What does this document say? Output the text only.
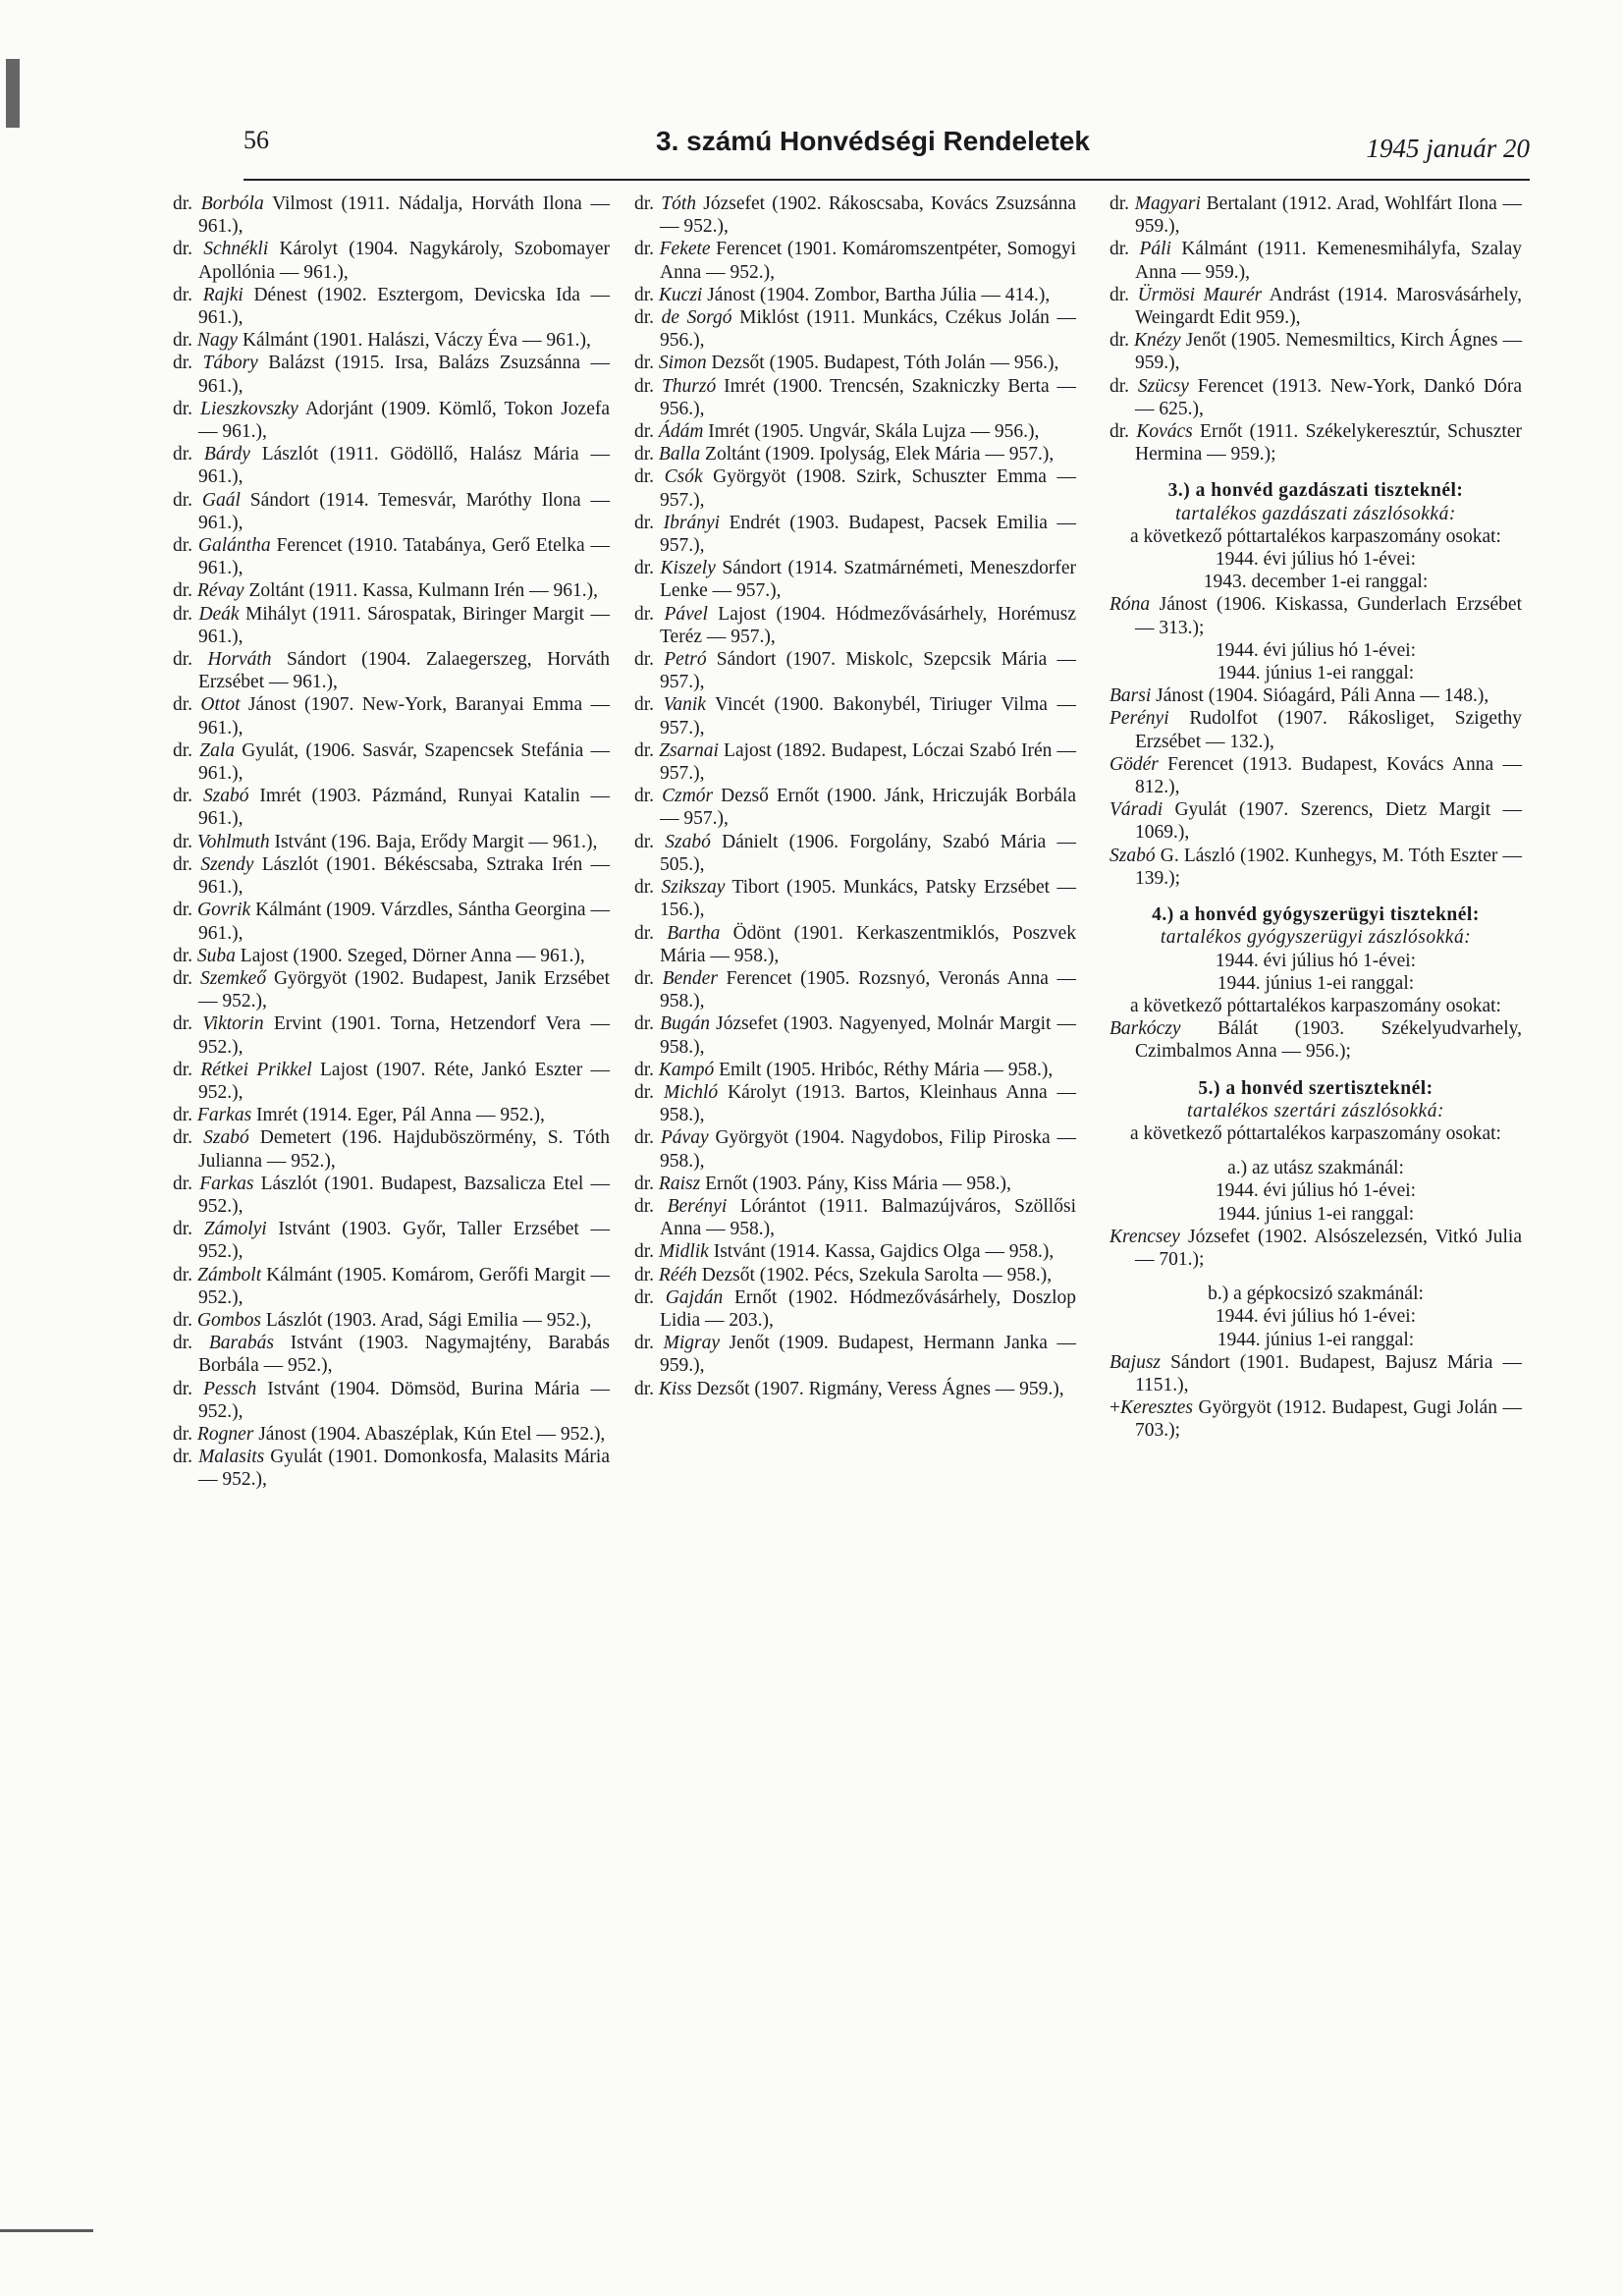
56	3. számú Honvédségi Rendeletek	1945 január 20

dr. Borbóla Vilmost (1911. Nádalja, Horváth Ilona — 961.),

dr. Schnékli Károlyt (1904. Nagykároly, Szobomayer Apollónia — 961.),

dr. Rajki Dénest (1902. Esztergom, Devicska Ida — 961.),

dr. Nagy Kálmánt (1901. Halászi, Váczy Éva — 961.),

dr. Tábory Balázst (1915. Irsa, Balázs Zsuzsánna — 961.),

dr. Lieszkovszky Adorjánt (1909. Kömlő, Tokon Jozefa — 961.),

dr. Bárdy Lászlót (1911. Gödöllő, Halász Mária — 961.),

dr. Gaál Sándort (1914. Temesvár, Maróthy Ilona — 961.),

dr. Galántha Ferencet (1910. Tatabánya, Gerő Etelka — 961.),

dr. Révay Zoltánt (1911. Kassa, Kulmann Irén — 961.),

dr. Deák Mihályt (1911. Sárospatak, Biringer Margit — 961.),

dr. Horváth Sándort (1904. Zalaegerszeg, Horváth Erzsébet — 961.),

dr. Ottot Jánost (1907. New-York, Baranyai Emma — 961.),

dr. Zala Gyulát, (1906. Sasvár, Szapencsek Stefánia — 961.),

dr. Szabó Imrét (1903. Pázmánd, Runyai Katalin — 961.),

dr. Vohlmuth Istvánt (196. Baja, Erődy Margit — 961.),

dr. Szendy Lászlót (1901. Békéscsaba, Sztraka Irén — 961.),

dr. Govrik Kálmánt (1909. Várzdles, Sántha Georgina — 961.),

dr. Suba Lajost (1900. Szeged, Dörner Anna — 961.),

dr. Szemkeő Györgyöt (1902. Budapest, Janik Erzsébet — 952.),

dr. Viktorin Ervint (1901. Torna, Hetzendorf Vera — 952.),

dr. Rétkei Prikkel Lajost (1907. Réte, Jankó Eszter — 952.),

dr. Farkas Imrét (1914. Eger, Pál Anna — 952.),

dr. Szabó Demetert (196. Hajduböszörmény, S. Tóth Julianna — 952.),

dr. Farkas Lászlót (1901. Budapest, Bazsalicza Etel — 952.),

dr. Zámolyi Istvánt (1903. Győr, Taller Erzsébet — 952.),

dr. Zámbolt Kálmánt (1905. Komárom, Gerőfi Margit — 952.),

dr. Gombos Lászlót (1903. Arad, Sági Emilia — 952.),

dr. Barabás Istvánt (1903. Nagymajtény, Barabás Borbála — 952.),

dr. Pessch Istvánt (1904. Dömsöd, Burina Mária — 952.),

dr. Rogner Jánost (1904. Abaszéplak, Kún Etel — 952.),

dr. Malasits Gyulát (1901. Domonkosfa, Malasits Mária — 952.),

dr. Tóth Józsefet (1902. Rákoscsaba, Kovács Zsuzsánna — 952.),

dr. Fekete Ferencet (1901. Komáromszentpéter, Somogyi Anna — 952.),

dr. Kuczi Jánost (1904. Zombor, Bartha Júlia — 414.),

dr. de Sorgó Miklóst (1911. Munkács, Czékus Jolán — 956.),

dr. Simon Dezsőt (1905. Budapest, Tóth Jolán — 956.),

dr. Thurzó Imrét (1900. Trencsén, Szakniczky Berta — 956.),

dr. Ádám Imrét (1905. Ungvár, Skála Lujza — 956.),

dr. Balla Zoltánt (1909. Ipolyság, Elek Mária — 957.),

dr. Csók Györgyöt (1908. Szirk, Schuszter Emma — 957.),

dr. Ibrányi Endrét (1903. Budapest, Pacsek Emilia — 957.),

dr. Kiszely Sándort (1914. Szatmárnémeti, Meneszdorfer Lenke — 957.),

dr. Pável Lajost (1904. Hódmezővásárhely, Horémusz Teréz — 957.),

dr. Petró Sándort (1907. Miskolc, Szepcsik Mária — 957.),

dr. Vanik Vincét (1900. Bakonybél, Tiriuger Vilma — 957.),

dr. Zsarnai Lajost (1892. Budapest, Lóczai Szabó Irén — 957.),

dr. Czmór Dezső Ernőt (1900. Jánk, Hriczuják Borbála — 957.),

dr. Szabó Dánielt (1906. Forgolány, Szabó Mária — 505.),

dr. Szikszay Tibort (1905. Munkács, Patsky Erzsébet — 156.),

dr. Bartha Ödönt (1901. Kerkaszentmiklós, Poszvek Mária — 958.),

dr. Bender Ferencet (1905. Rozsnyó, Veronás Anna — 958.),

dr. Bugán Józsefet (1903. Nagyenyed, Molnár Margit — 958.),

dr. Kampó Emilt (1905. Hribóc, Réthy Mária — 958.),

dr. Michló Károlyt (1913. Bartos, Kleinhaus Anna — 958.),

dr. Pávay Györgyöt (1904. Nagydobos, Filip Piroska — 958.),

dr. Raisz Ernőt (1903. Pány, Kiss Mária — 958.),

dr. Berényi Lórántot (1911. Balmazújváros, Szöllősi Anna — 958.),

dr. Midlik Istvánt (1914. Kassa, Gajdics Olga — 958.),

dr. Rééh Dezsőt (1902. Pécs, Szekula Sarolta — 958.),

dr. Gajdán Ernőt (1902. Hódmezővásárhely, Doszlop Lidia — 203.),

dr. Migray Jenőt (1909. Budapest, Hermann Janka — 959.),

dr. Kiss Dezsőt (1907. Rigmány, Veress Ágnes — 959.),

dr. Magyari Bertalant (1912. Arad, Wohlfárt Ilona — 959.),

dr. Páli Kálmánt (1911. Kemenesmihályfa, Szalay Anna — 959.),

dr. Ürmösi Maurér Andrást (1914. Marosvásárhely, Weingardt Edit 959.),

dr. Knézy Jenőt (1905. Nemesmiltics, Kirch Ágnes — 959.),

dr. Szücsy Ferencet (1913. New-York, Dankó Dóra — 625.),

dr. Kovács Ernőt (1911. Székelykeresztúr, Schuszter Hermina — 959.);

3.) a honvéd gazdászati tiszteknél:

tartalékos gazdászati zászlósokká:

a következő póttartalékos karpaszomány osokat:

1944. évi július hó 1-évei:

1943. december 1-ei ranggal:

Róna Jánost (1906. Kiskassa, Gunderlach Erzsébet — 313.);

1944. évi július hó 1-évei:

1944. június 1-ei ranggal:

Barsi Jánost (1904. Sióagárd, Páli Anna — 148.),

Perényi Rudolfot (1907. Rákosliget, Szigethy Erzsébet — 132.),

Gödér Ferencet (1913. Budapest, Kovács Anna — 812.),

Váradi Gyulát (1907. Szerencs, Dietz Margit — 1069.),

Szabó G. László (1902. Kunhegys, M. Tóth Eszter — 139.);

4.) a honvéd gyógyszerügyi tiszteknél:

tartalékos gyógyszerügyi zászlósokká:

1944. évi július hó 1-évei:

1944. június 1-ei ranggal:

a következő póttartalékos karpaszomány osokat:

Barkóczy Bálát (1903. Székelyudvarhely, Czimbalmos Anna — 956.);

5.) a honvéd szertiszteknél:

tartalékos szertári zászlósokká:

a következő póttartalékos karpaszomány osokat:

a.) az utász szakmánál:

1944. évi július hó 1-évei:

1944. június 1-ei ranggal:

Krencsey Józsefet (1902. Alsószelezsén, Vitkó Julia — 701.);

b.) a gépkocsizó szakmánál:

1944. évi július hó 1-évei:

1944. június 1-ei ranggal:

Bajusz Sándort (1901. Budapest, Bajusz Mária — 1151.),

+Keresztes Györgyöt (1912. Budapest, Gugi Jolán — 703.);
